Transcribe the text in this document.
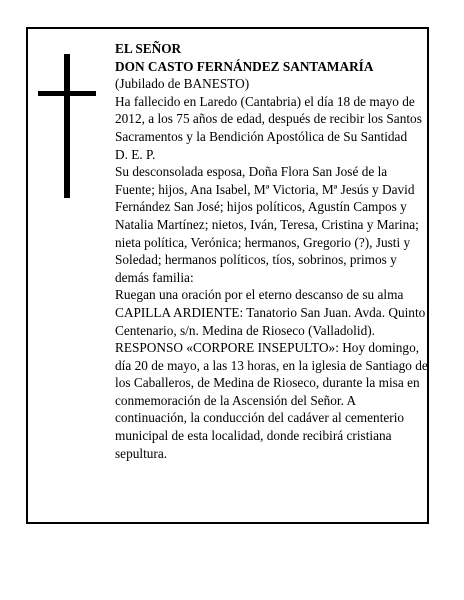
EL SEÑOR

DON CASTO FERNÁNDEZ SANTAMARÍA

(Jubilado de BANESTO)

Ha fallecido en Laredo (Cantabria) el día 18 de mayo de 2012, a los 75 años de edad, después de recibir los Santos Sacramentos y la Bendición Apostólica de Su Santidad

D. E. P.

Su desconsolada esposa, Doña Flora San José de la Fuente; hijos, Ana Isabel, Mª Victoria, Mª Jesús y David Fernández San José; hijos políticos, Agustín Campos y Natalia Martínez; nietos, Iván, Teresa, Cristina y Marina; nieta política, Verónica; hermanos, Gregorio (?), Justi y Soledad; hermanos políticos, tíos, sobrinos, primos y demás familia:

Ruegan una oración por el eterno descanso de su alma

CAPILLA ARDIENTE: Tanatorio San Juan. Avda. Quinto Centenario, s/n. Medina de Rioseco (Valladolid).

RESPONSO «CORPORE INSEPULTO»: Hoy domingo, día 20 de mayo, a las 13 horas, en la iglesia de Santiago de los Caballeros, de Medina de Rioseco, durante la misa en conmemoración de la Ascensión del Señor. A continuación, la conducción del cadáver al cementerio municipal de esta localidad, donde recibirá cristiana sepultura.
